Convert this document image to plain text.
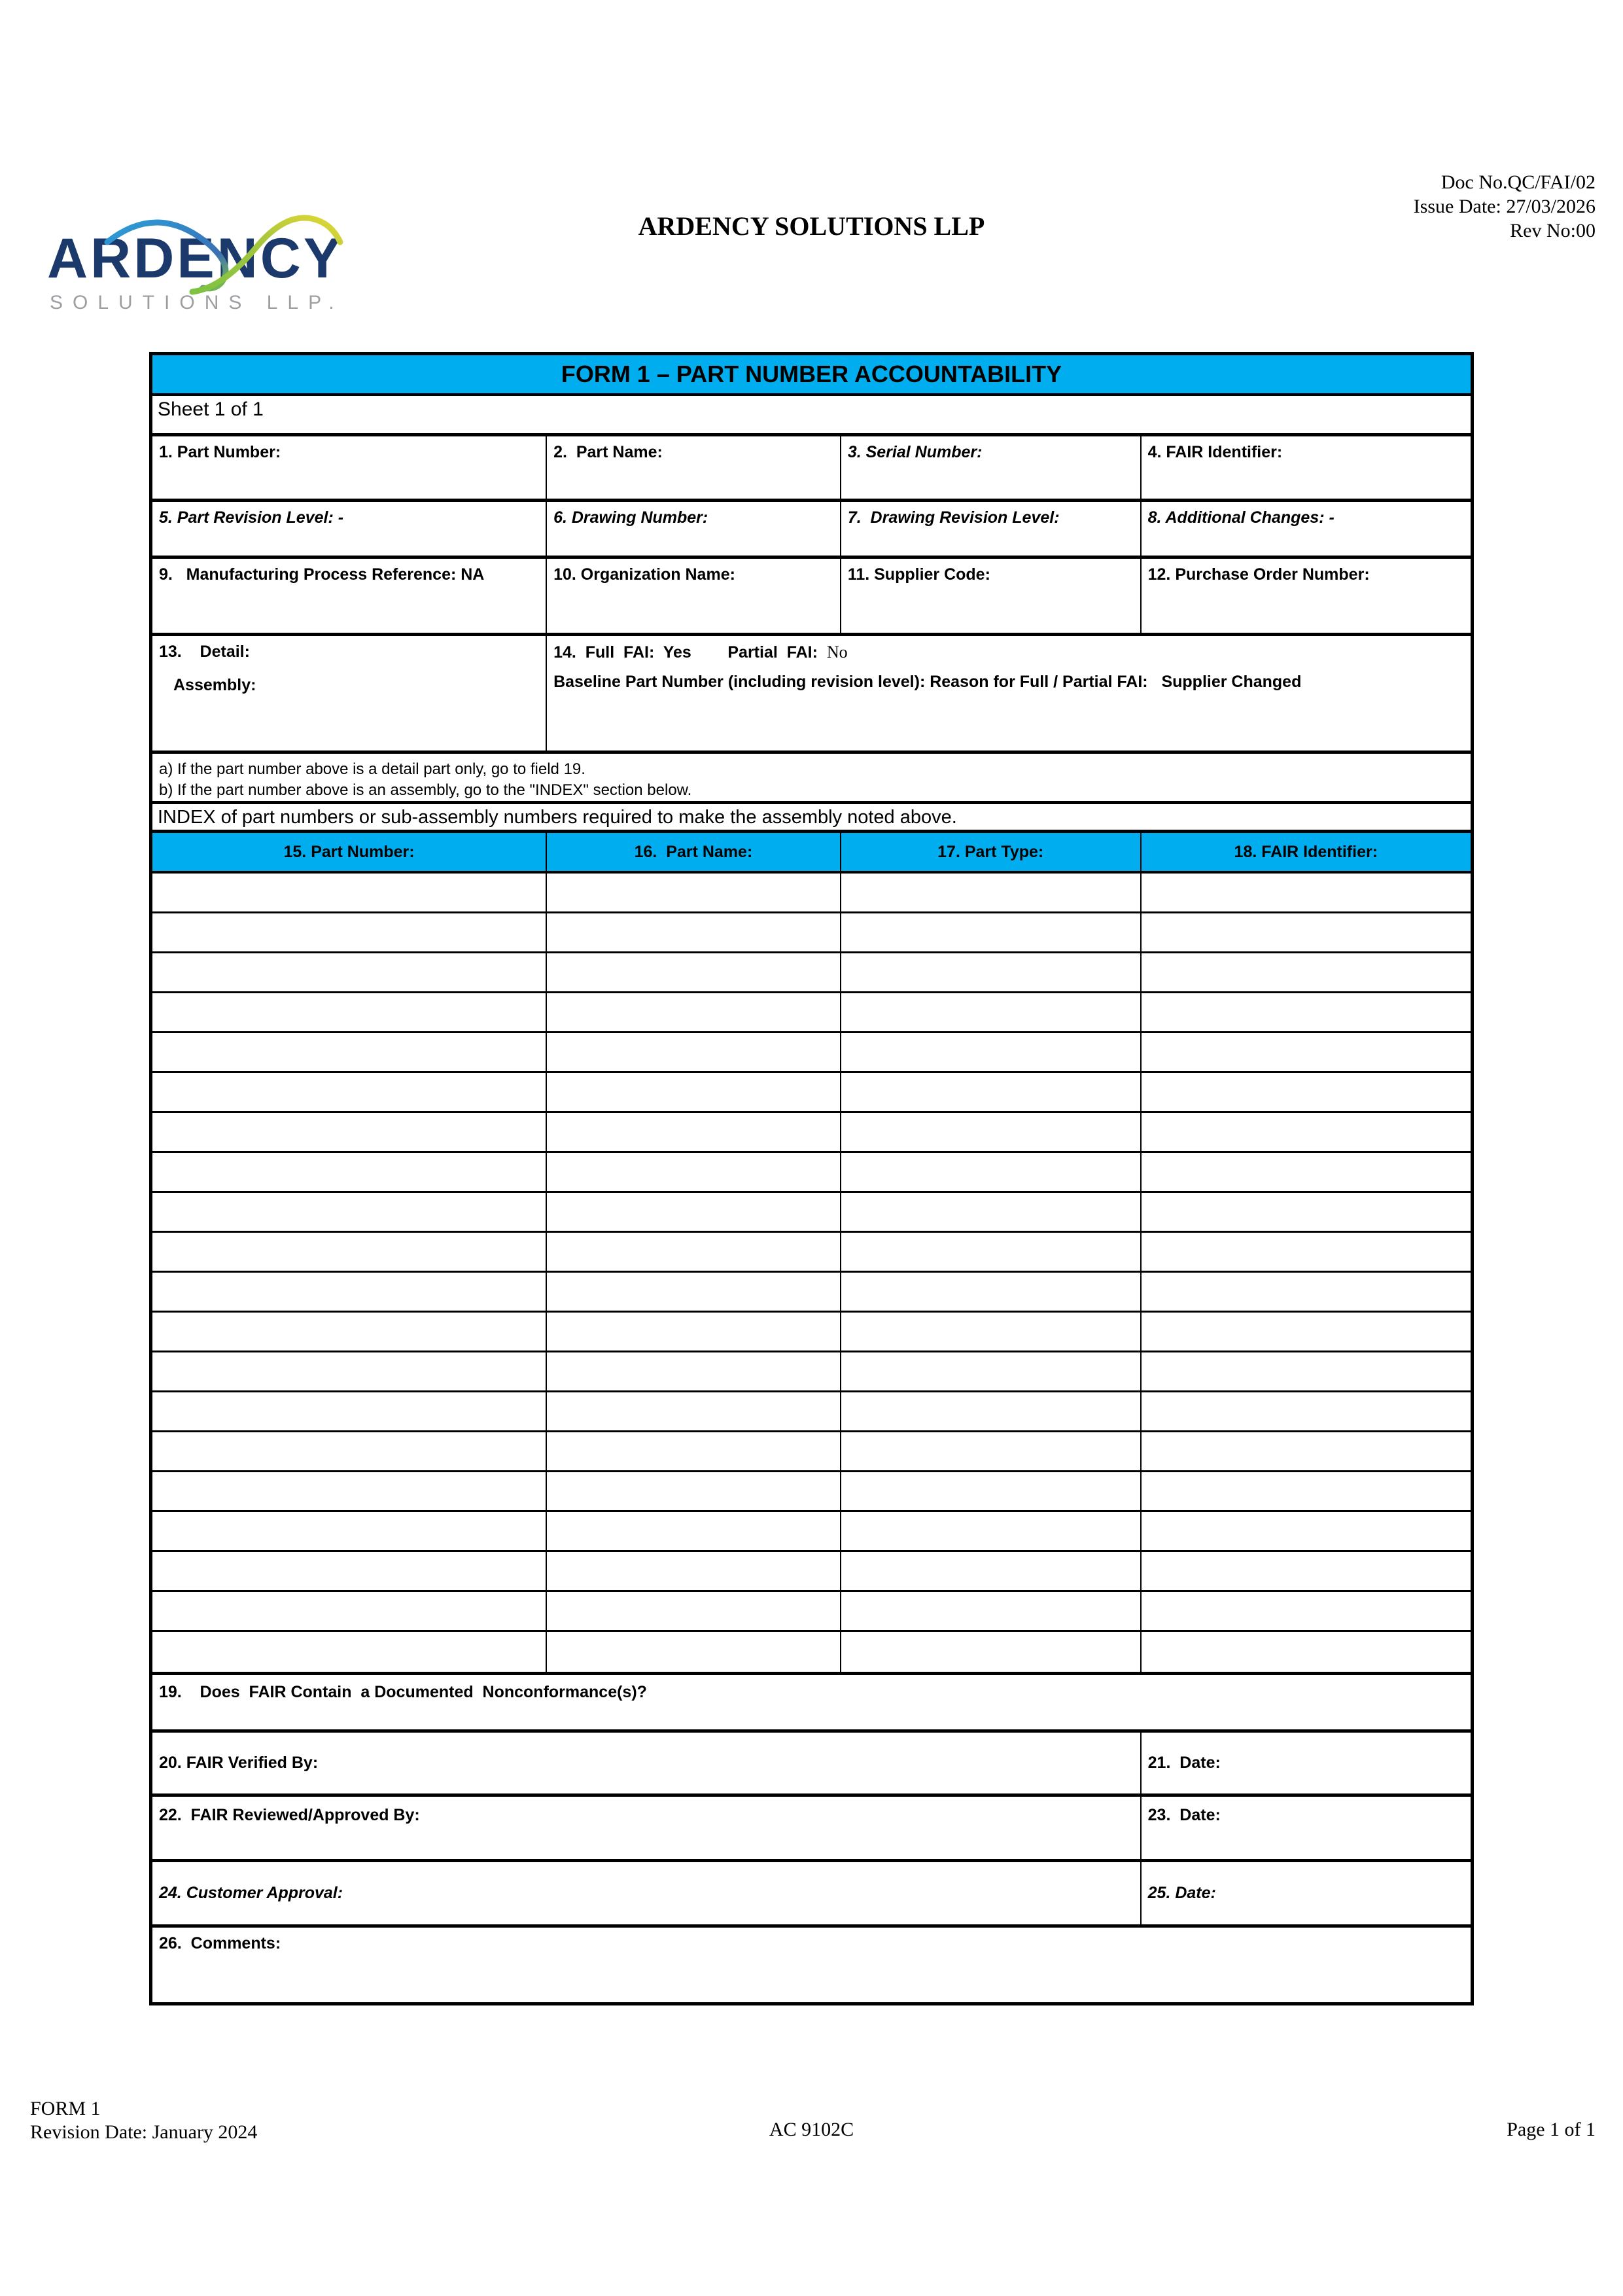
Doc No.QC/FAI/02
Issue Date: 27/03/2026
Rev No:00
ARDENCY SOLUTIONS LLP
ARDENCY
SOLUTIONS LLP.
FORM 1 – PART NUMBER ACCOUNTABILITY
Sheet 1 of 1
1. Part Number:	2.  Part Name:	3. Serial Number:	4. FAIR Identifier:
5. Part Revision Level: -	6. Drawing Number:	7.  Drawing Revision Level:	8. Additional Changes: -
9.   Manufacturing Process Reference: NA	10. Organization Name:	11. Supplier Code:	12. Purchase Order Number:
13.    Detail:
Assembly:
14.  Full  FAI:  Yes        Partial  FAI:  No
Baseline Part Number (including revision level): Reason for Full / Partial FAI:   Supplier Changed
a) If the part number above is a detail part only, go to field 19.
b) If the part number above is an assembly, go to the "INDEX" section below.
INDEX of part numbers or sub-assembly numbers required to make the assembly noted above.
15. Part Number:	16.  Part Name:	17. Part Type:	18. FAIR Identifier:
19.    Does  FAIR Contain  a Documented  Nonconformance(s)?
20. FAIR Verified By:	21.  Date:
22.  FAIR Reviewed/Approved By:	23.  Date:
24. Customer Approval:	25. Date:
26.  Comments:
FORM 1
Revision Date: January 2024	AC 9102C	Page 1 of 1
